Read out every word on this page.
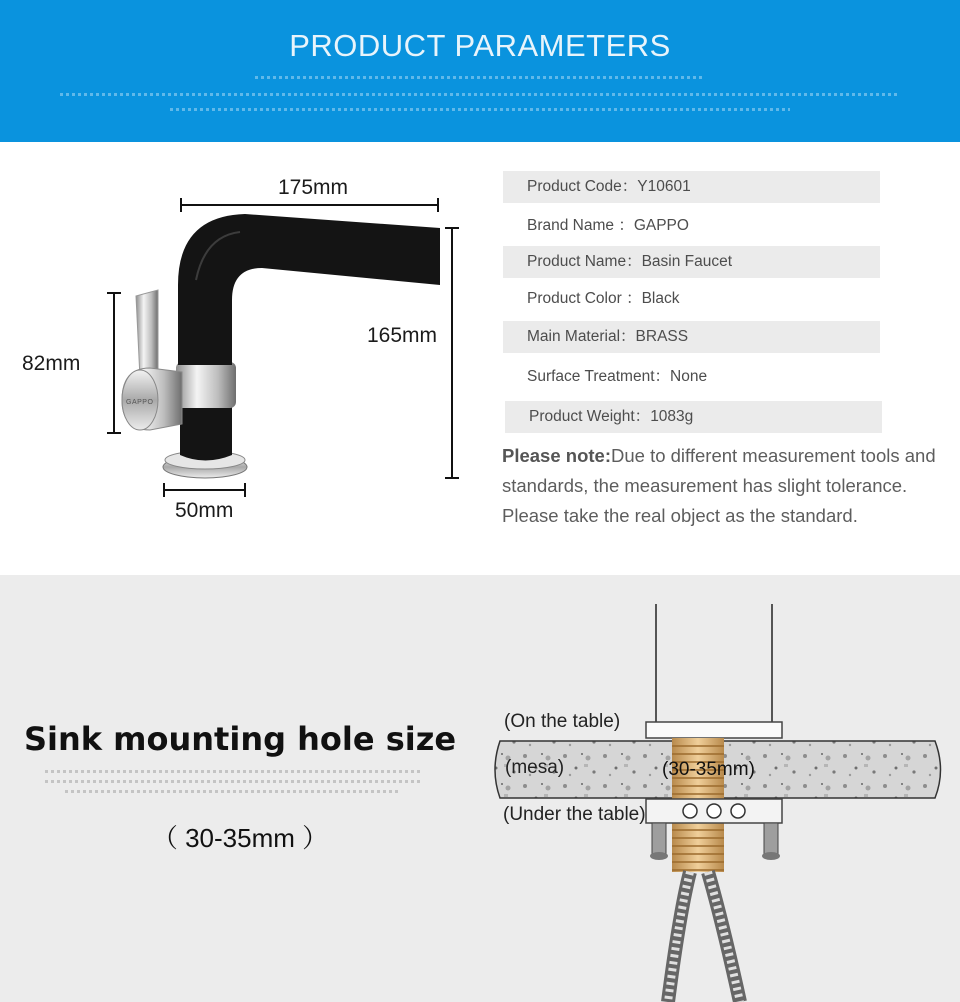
PRODUCT PARAMETERS
GAPPO
175mm
165mm
82mm
50mm
Product Code：Y10601
Brand Name ：GAPPO
Product Name：Basin Faucet
Product Color ：Black
Main Material：BRASS
Surface Treatment：None
Product Weight：1083g
Please note:Due to different measurement tools and standards, the measurement has slight tolerance. Please take the real object as the standard.
Sink mounting hole size
（ 30-35mm ）
(On the table)
(mesa)	(30-35mm)
(Under the table)
